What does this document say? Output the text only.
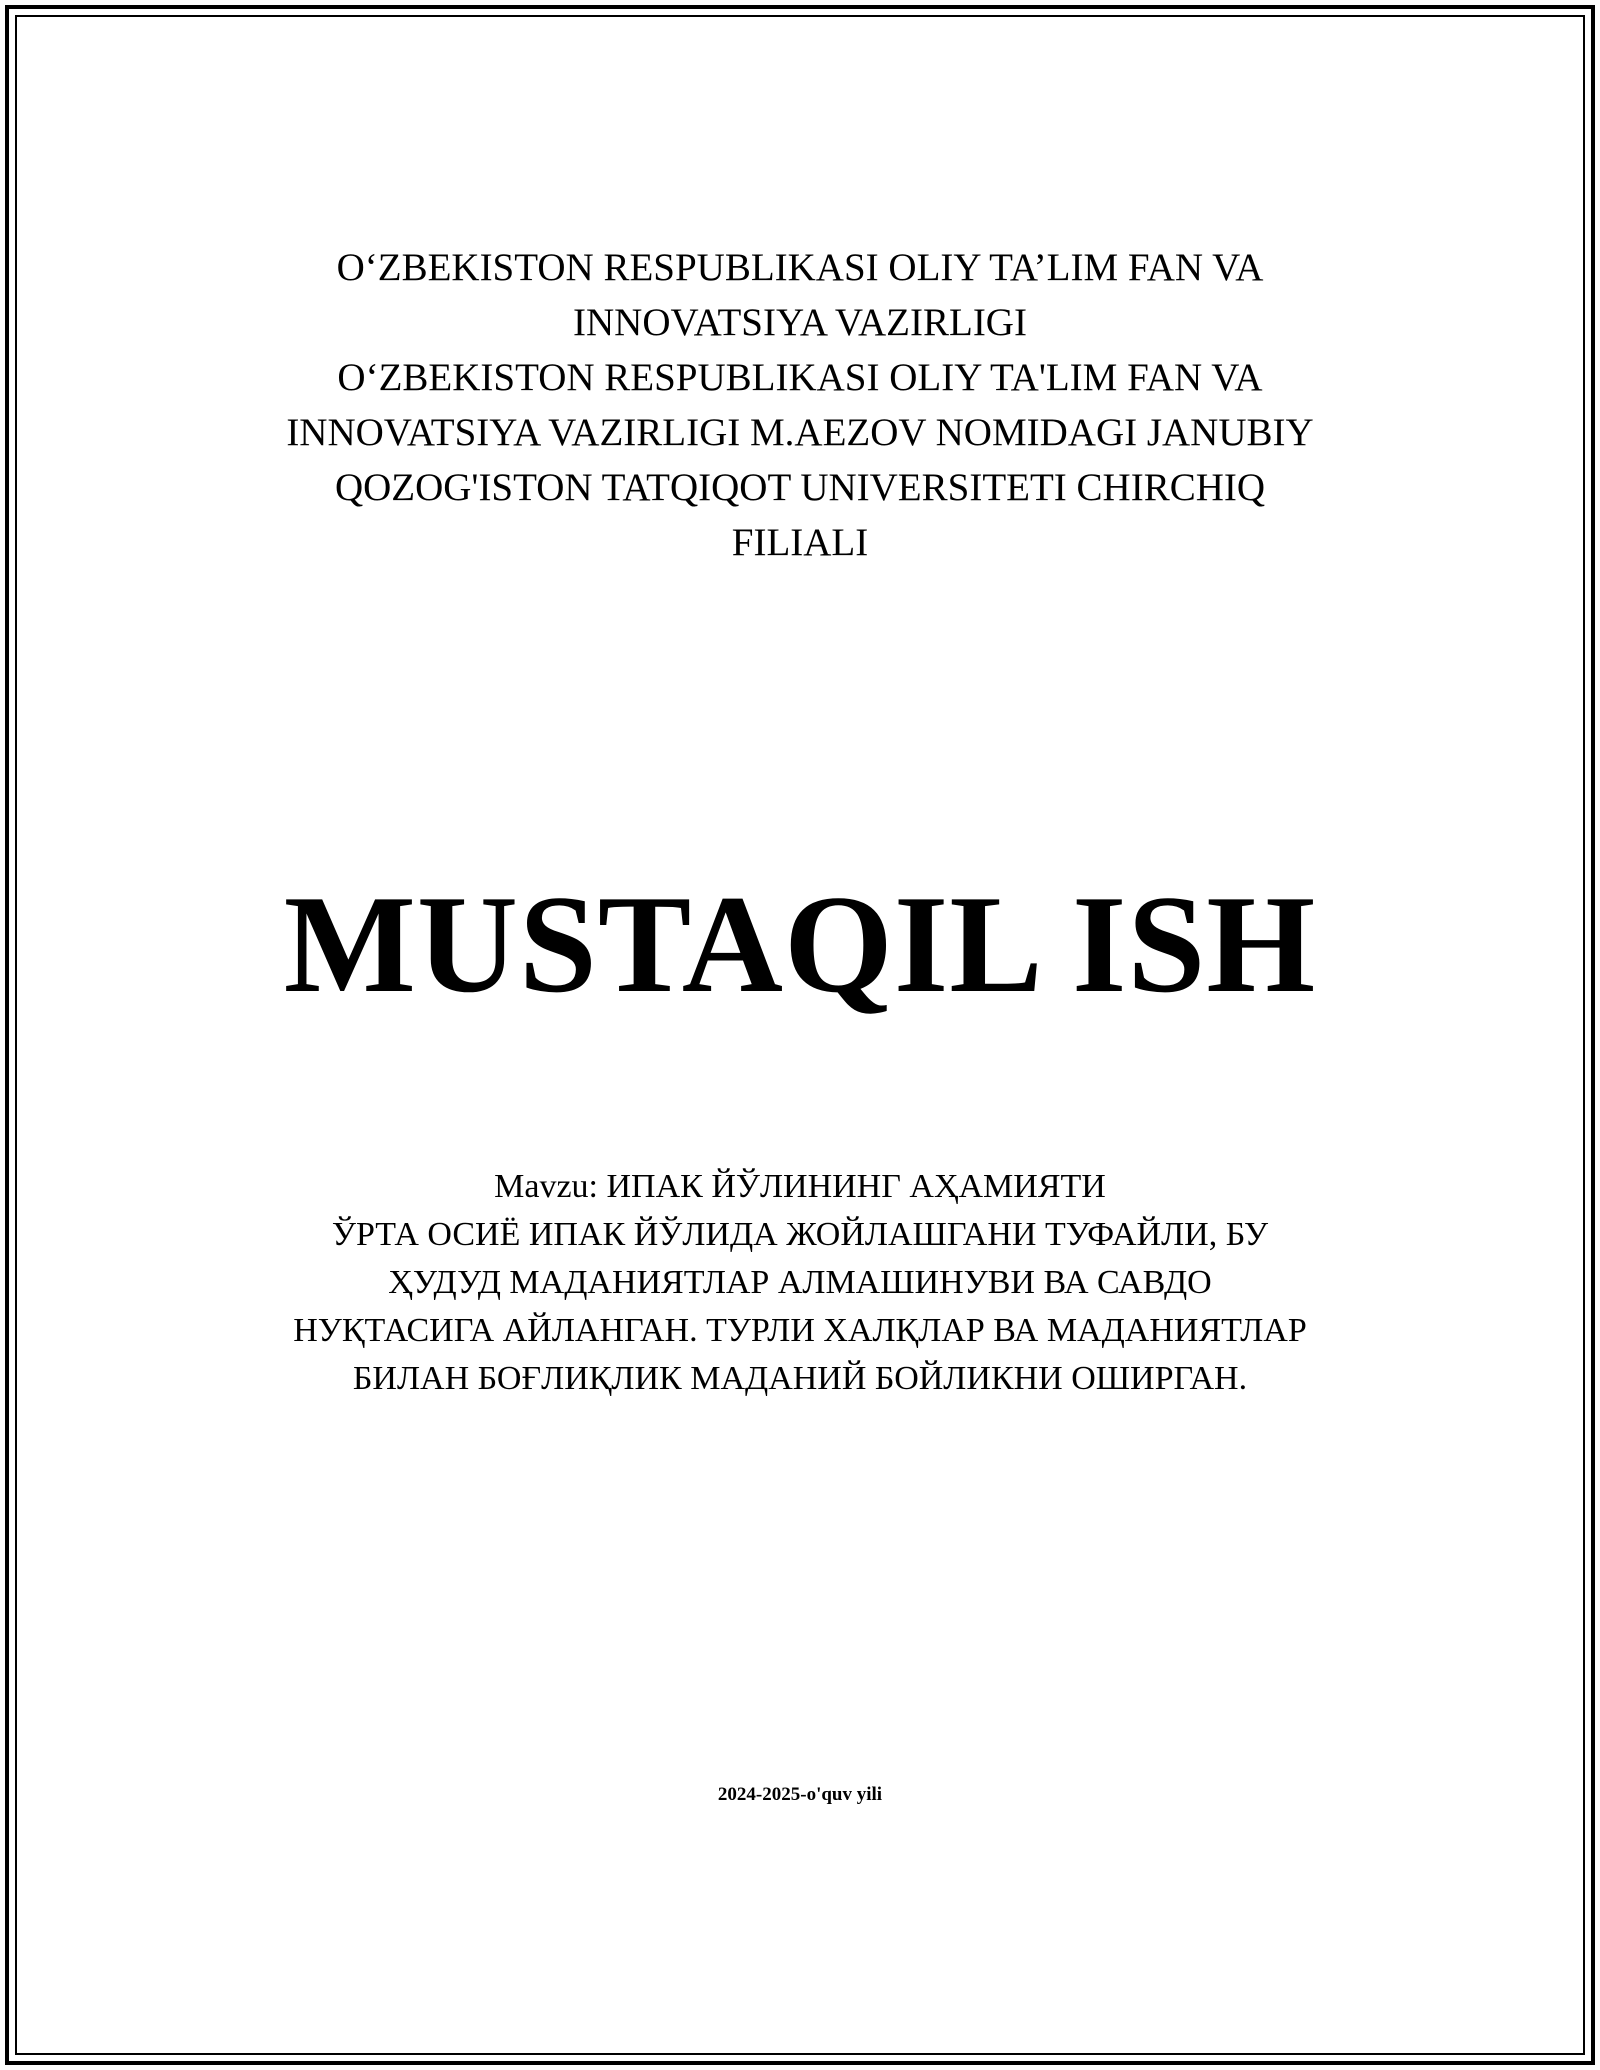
O‘ZBEKISTON RESPUBLIKASI OLIY TA’LIM FAN VA
INNOVATSIYA VAZIRLIGI
O‘ZBEKISTON RESPUBLIKASI OLIY TA'LIM FAN VA
INNOVATSIYA VAZIRLIGI M.AEZOV NOMIDAGI JANUBIY
QOZOG'ISTON TATQIQOT UNIVERSITETI CHIRCHIQ
FILIALI
MUSTAQIL ISH
Mavzu: ИПАК ЙЎЛИНИНГ АҲАМИЯТИ
ЎРТА ОСИЁ ИПАК ЙЎЛИДА ЖОЙЛАШГАНИ ТУФАЙЛИ, БУ
ҲУДУД МАДАНИЯТЛАР АЛМАШИНУВИ ВА САВДО
НУҚТАСИГА АЙЛАНГАН. ТУРЛИ ХАЛҚЛАР ВА МАДАНИЯТЛАР
БИЛАН БОҒЛИҚЛИК МАДАНИЙ БОЙЛИКНИ ОШИРГАН.
2024-2025-o'quv yili
